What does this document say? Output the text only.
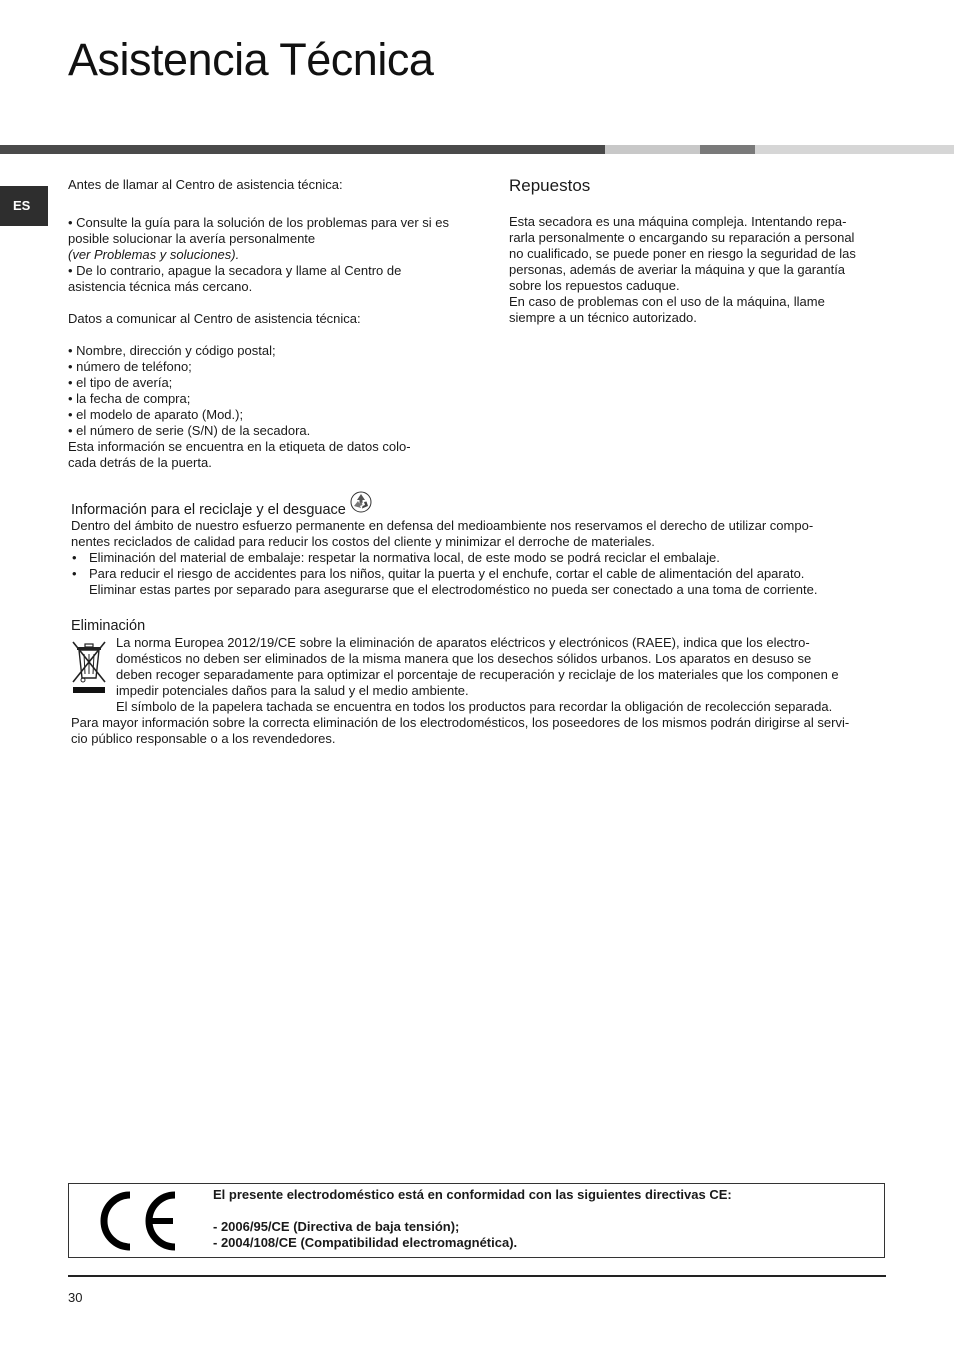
Asistencia Técnica
ES

Antes de llamar al Centro de asistencia técnica:

• Consulte la guía para la solución de los problemas para ver si es posible solucionar la avería personalmente

(ver Problemas y soluciones).

• De lo contrario, apague la secadora y llame al Centro de asistencia técnica más cercano.

Datos a comunicar al Centro de asistencia técnica:

• Nombre, dirección y código postal;

• número de teléfono;

• el tipo de avería;

• la fecha de compra;

• el modelo de aparato (Mod.);

• el número de serie (S/N) de la secadora.

Esta información se encuentra en la etiqueta de datos colo-

cada detrás de la puerta.

Repuestos

Esta secadora es una máquina compleja. Intentando repa-

rarla personalmente o encargando su reparación a personal

no cualificado, se puede poner en riesgo la seguridad de las

personas, además de averiar la máquina y que la garantía

sobre los repuestos caduque.

En caso de problemas con el uso de la máquina, llame

siempre a un técnico autorizado.

Información para el reciclaje y el desguace

Dentro del ámbito de nuestro esfuerzo permanente en defensa del medioambiente nos reservamos el derecho de utilizar compo-

nentes reciclados de calidad para reducir los costos del cliente y minimizar el derroche de materiales.

• Eliminación del material de embalaje: respetar la normativa local, de este modo se podrá reciclar el embalaje.

• Para reducir el riesgo de accidentes para los niños, quitar la puerta y el enchufe, cortar el cable de alimentación del aparato.

Eliminar estas partes por separado para asegurarse que el electrodoméstico no pueda ser conectado a una toma de corriente.

Eliminación

La norma Europea 2012/19/CE sobre la eliminación de aparatos eléctricos y electrónicos (RAEE), indica que los electro-

domésticos no deben ser eliminados de la misma manera que los desechos sólidos urbanos. Los aparatos en desuso se

deben recoger separadamente para optimizar el porcentaje de recuperación y reciclaje de los materiales que los componen e

impedir potenciales daños para la salud y el medio ambiente.

El símbolo de la papelera tachada se encuentra en todos los productos para recordar la obligación de recolección separada.

Para mayor información sobre la correcta eliminación de los electrodomésticos, los poseedores de los mismos podrán dirigirse al servi-

cio público responsable o a los revendedores.

El presente electrodoméstico está en conformidad con las siguientes directivas CE:

- 2006/95/CE (Directiva de baja tensión);

- 2004/108/CE (Compatibilidad electromagnética).

30
